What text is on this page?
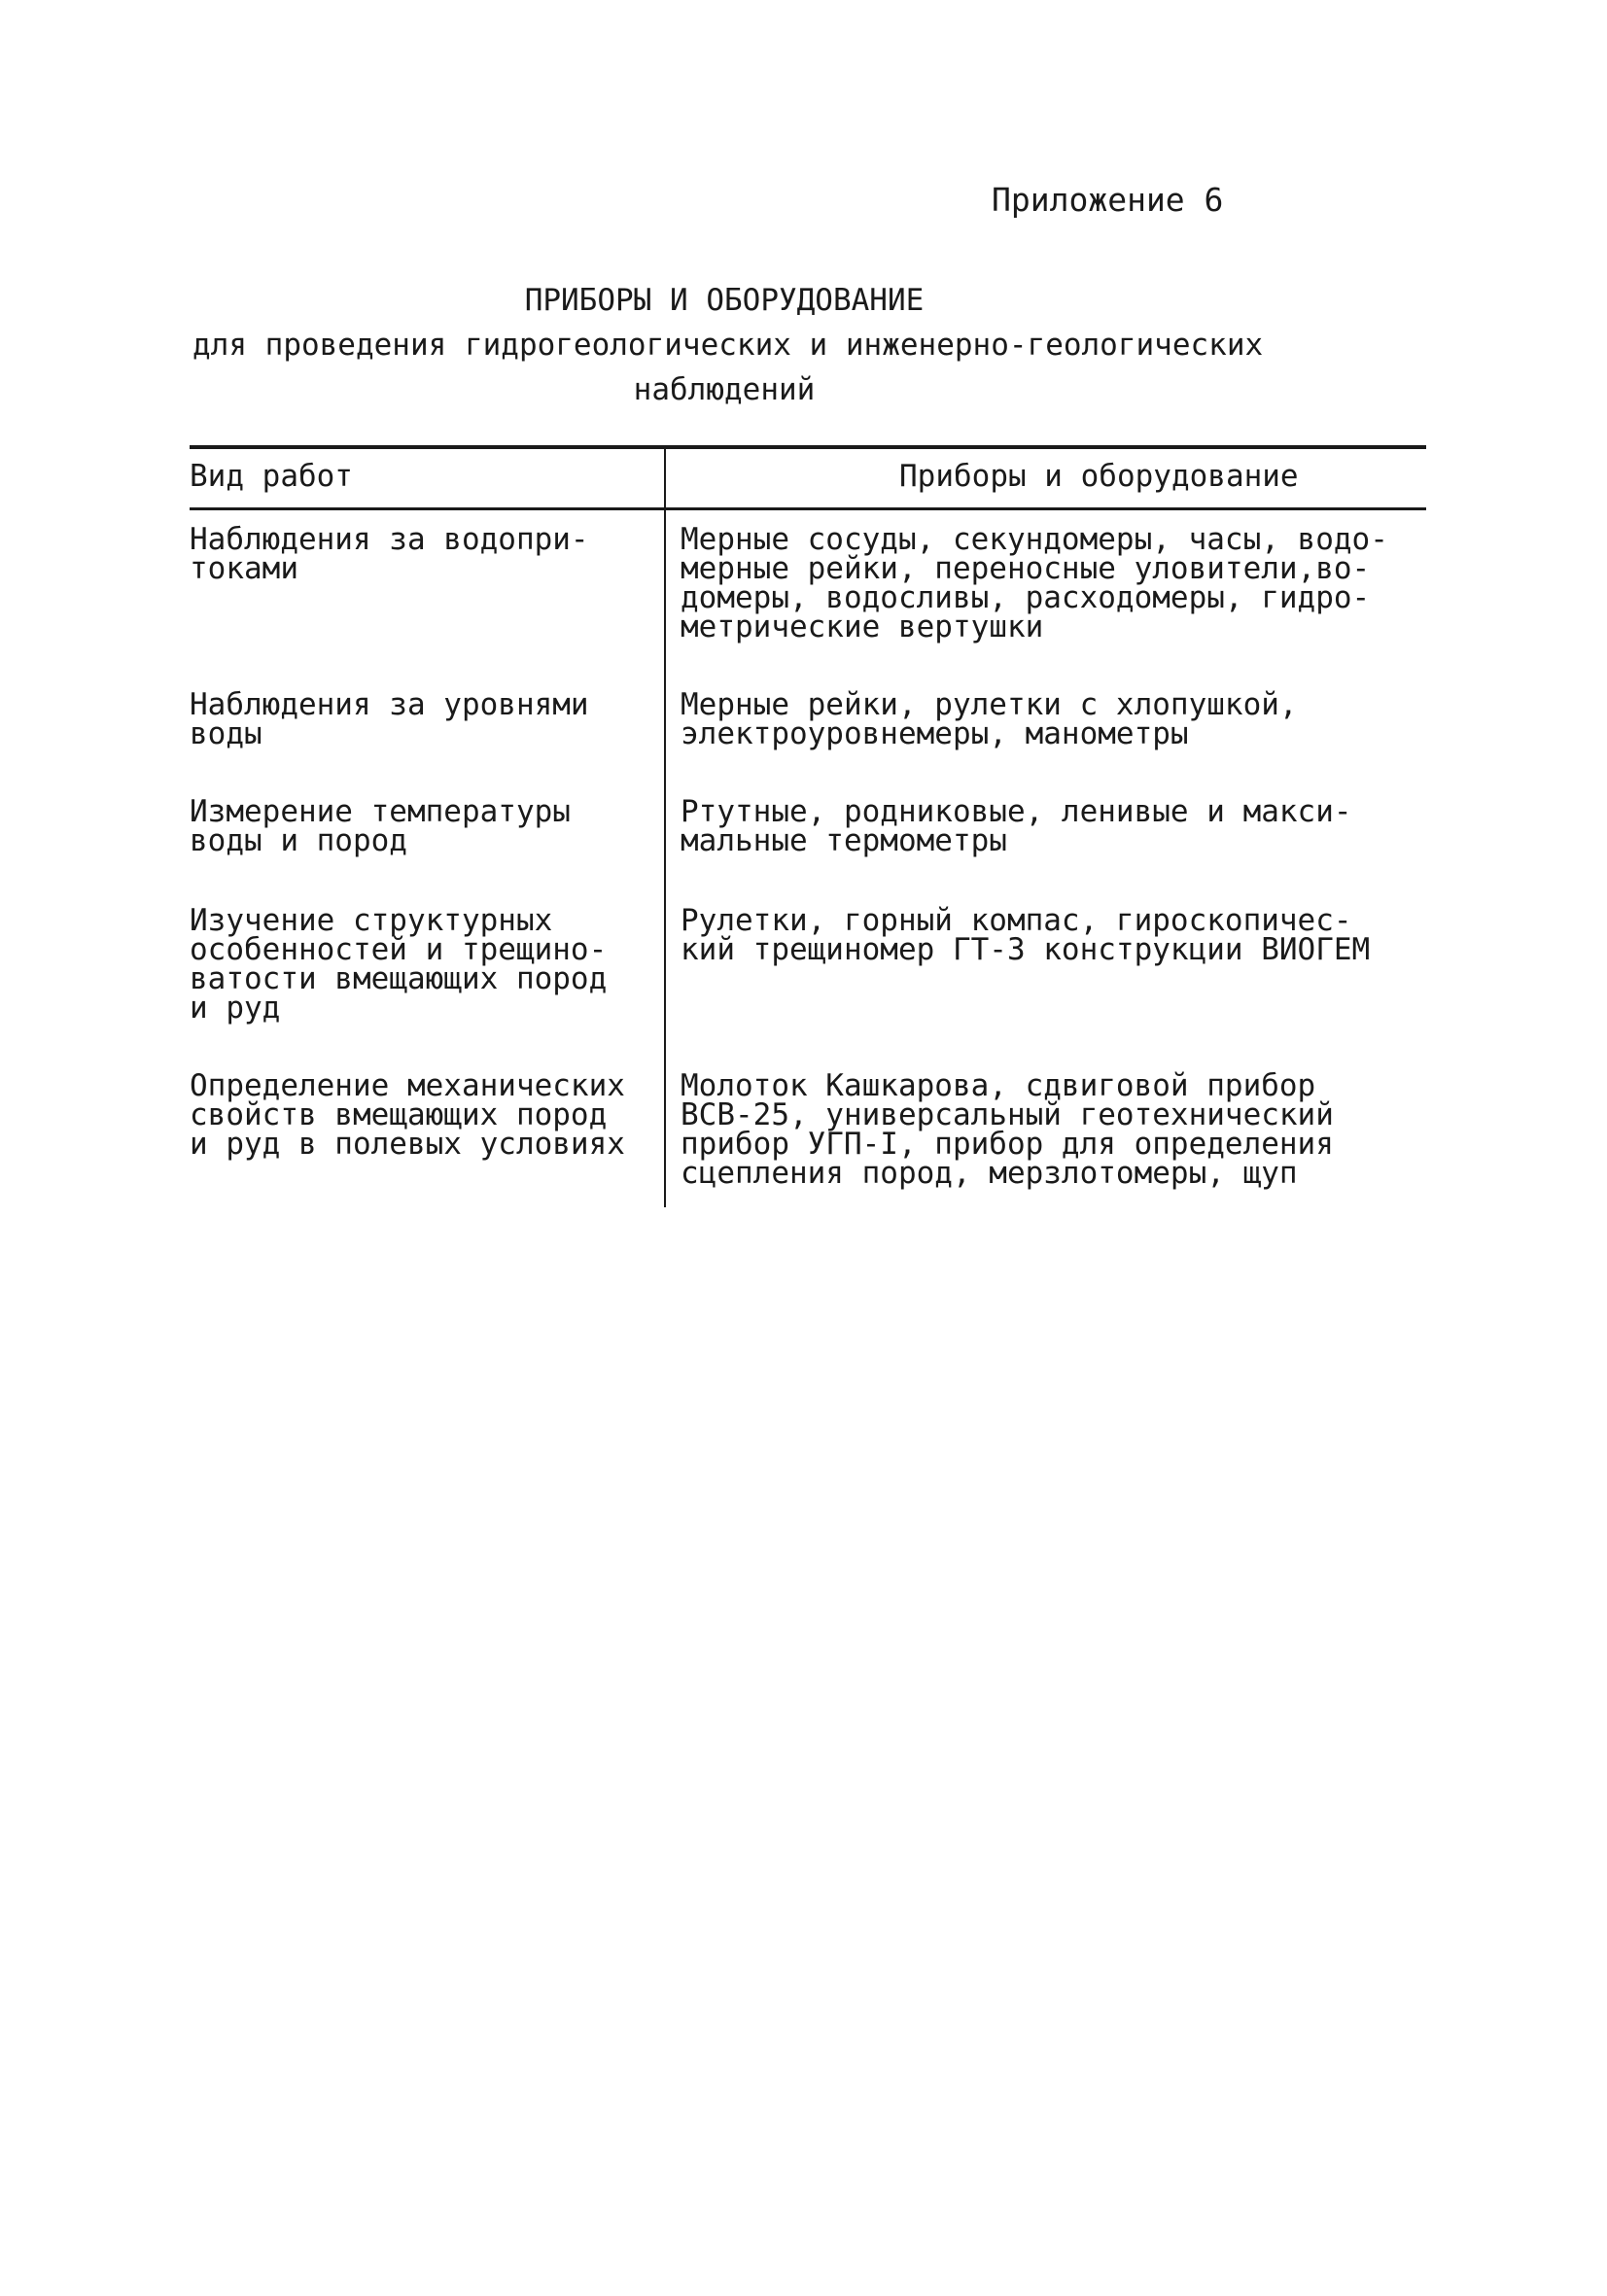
Приложение 6
ПРИБОРЫ И ОБОРУДОВАНИЕ
для проведения гидрогеологических и инженерно-геологических
наблюдений
Вид работ	Приборы и оборудование
Наблюдения за водопри-
токами
Мерные сосуды, секундомеры, часы, водо-
мерные рейки, переносные уловители,во-
домеры, водосливы, расходомеры, гидро-
метрические вертушки
Наблюдения за уровнями
воды
Мерные рейки, рулетки с хлопушкой,
электроуровнемеры, манометры
Измерение температуры
воды и пород
Ртутные, родниковые, ленивые и макси-
мальные термометры
Изучение структурных
особенностей и трещино-
ватости вмещающих пород
и руд
Рулетки, горный компас, гироскопичес-
кий трещиномер ГТ-3 конструкции ВИОГЕМ
Определение механических
свойств вмещающих пород
и руд в полевых условиях
Молоток Кашкарова, сдвиговой прибор
ВСВ-25, универсальный геотехнический
прибор УГП-I, прибор для определения
сцепления пород, мерзлотомеры, щуп
